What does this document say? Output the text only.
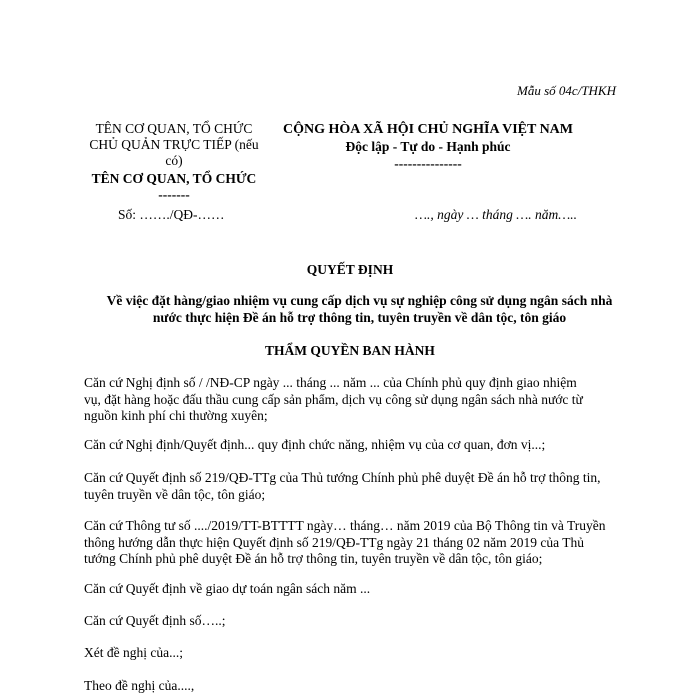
Mẫu số 04c/THKH
TÊN CƠ QUAN, TỔ CHỨC
CHỦ QUẢN TRỰC TIẾP (nếu
có)
TÊN CƠ QUAN, TỔ CHỨC
-------
CỘNG HÒA XÃ HỘI CHỦ NGHĨA VIỆT NAM
Độc lập - Tự do - Hạnh phúc
---------------
Số: ……./QĐ-……	…., ngày … tháng …. năm…..
QUYẾT ĐỊNH
Về việc đặt hàng/giao nhiệm vụ cung cấp dịch vụ sự nghiệp công sử dụng ngân sách nhà
nước thực hiện Đề án hỗ trợ thông tin, tuyên truyền về dân tộc, tôn giáo
THẨM QUYỀN BAN HÀNH
Căn cứ Nghị định số / /NĐ-CP ngày ... tháng ... năm ... của Chính phủ quy định giao nhiệm
vụ, đặt hàng hoặc đấu thầu cung cấp sản phẩm, dịch vụ công sử dụng ngân sách nhà nước từ
nguồn kinh phí chi thường xuyên;
Căn cứ Nghị định/Quyết định... quy định chức năng, nhiệm vụ của cơ quan, đơn vị...;
Căn cứ Quyết định số 219/QĐ-TTg của Thủ tướng Chính phủ phê duyệt Đề án hỗ trợ thông tin,
tuyên truyền về dân tộc, tôn giáo;
Căn cứ Thông tư số ..../2019/TT-BTTTT ngày… tháng… năm 2019 của Bộ Thông tin và Truyền
thông hướng dẫn thực hiện Quyết định số 219/QĐ-TTg ngày 21 tháng 02 năm 2019 của Thủ
tướng Chính phủ phê duyệt Đề án hỗ trợ thông tin, tuyên truyền về dân tộc, tôn giáo;
Căn cứ Quyết định về giao dự toán ngân sách năm ...
Căn cứ Quyết định số…..;
Xét đề nghị của...;
Theo đề nghị của....,
